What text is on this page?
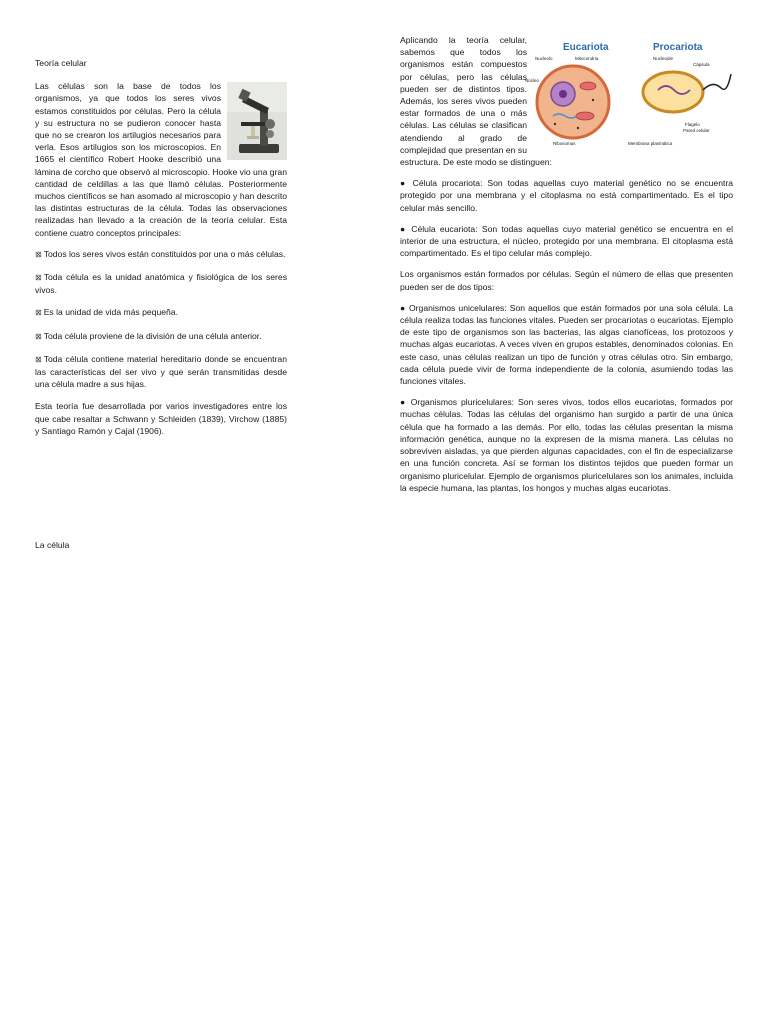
Teoría celular

Las células son la base de todos los organismos, ya que todos los seres vivos estamos constituidos por células. Pero la célula y su estructura no se pudieron conocer hasta que no se crearon los artilugios necesarios para verla. Esos artilugios son los microscopios. En 1665 el científico Robert Hooke describió una lámina de corcho que observó al microscopio. Hooke vio una gran cantidad de celdillas a las que llamó células. Posteriormente muchos científicos se han asomado al microscopio y han descrito las distintas estructuras de la célula. Todas las observaciones realizadas han llevado a la creación de la teoría celular. Esta contiene cuatro conceptos principales:

⊠ Todos los seres vivos están constituidos por una o más células.

⊠ Toda célula es la unidad anatómica y fisiológica de los seres vivos.

⊠ Es la unidad de vida más pequeña.

⊠ Toda célula proviene de la división de una célula anterior.

⊠ Toda célula contiene material hereditario donde se encuentran las características del ser vivo y que serán transmitidas desde una célula madre a sus hijas.

Esta teoría fue desarrollada por varios investigadores entre los que cabe resaltar a Schwann y Schleiden (1839), Virchow (1885) y Santiago Ramón y Cajal (1906).

La célula

Eucariota	Procariota
Nucleolo	Mitocondria
Núcleo
Nucleoide
Cápsula
Flagelo
Pared celular
Ribosomas	Membrana plasmática
Aplicando la teoría celular, sabemos que todos los organismos están compuestos por células, pero las células pueden ser de distintos tipos. Además, los seres vivos pueden estar formados de una o más células. Las células se clasifican atendiendo al grado de complejidad que presentan en su estructura. De este modo se distinguen:

● Célula procariota: Son todas aquellas cuyo material genético no se encuentra protegido por una membrana y el citoplasma no está compartimentado. Es el tipo celular más sencillo.

● Célula eucariota: Son todas aquellas cuyo material genético se encuentra en el interior de una estructura, el núcleo, protegido por una membrana. El citoplasma está compartimentado. Es el tipo celular más complejo.

Los organismos están formados por células. Según el número de ellas que presenten pueden ser de dos tipos:

● Organismos unicelulares: Son aquellos que están formados por una sola célula. La célula realiza todas las funciones vitales. Pueden ser procariotas o eucariotas. Ejemplo de este tipo de organismos son las bacterias, las algas cianofíceas, los protozoos y muchas algas eucariotas. A veces viven en grupos estables, denominados colonias. En este caso, unas células realizan un tipo de función y otras células otro. Sin embargo, cada célula puede vivir de forma independiente de la colonia, asumiendo todas las funciones vitales.

● Organismos pluricelulares: Son seres vivos, todos ellos eucariotas, formados por muchas células. Todas las células del organismo han surgido a partir de una única célula que ha formado a las demás. Por ello, todas las células presentan la misma información genética, aunque no la expresen de la misma manera. Las células no sobreviven aisladas, ya que pierden algunas capacidades, con el fin de especializarse en una función concreta. Así se forman los distintos tejidos que pueden formar un organismo pluricelular. Ejemplo de organismos pluricelulares son los animales, incluida la especie humana, las plantas, los hongos y muchas algas eucariotas.
